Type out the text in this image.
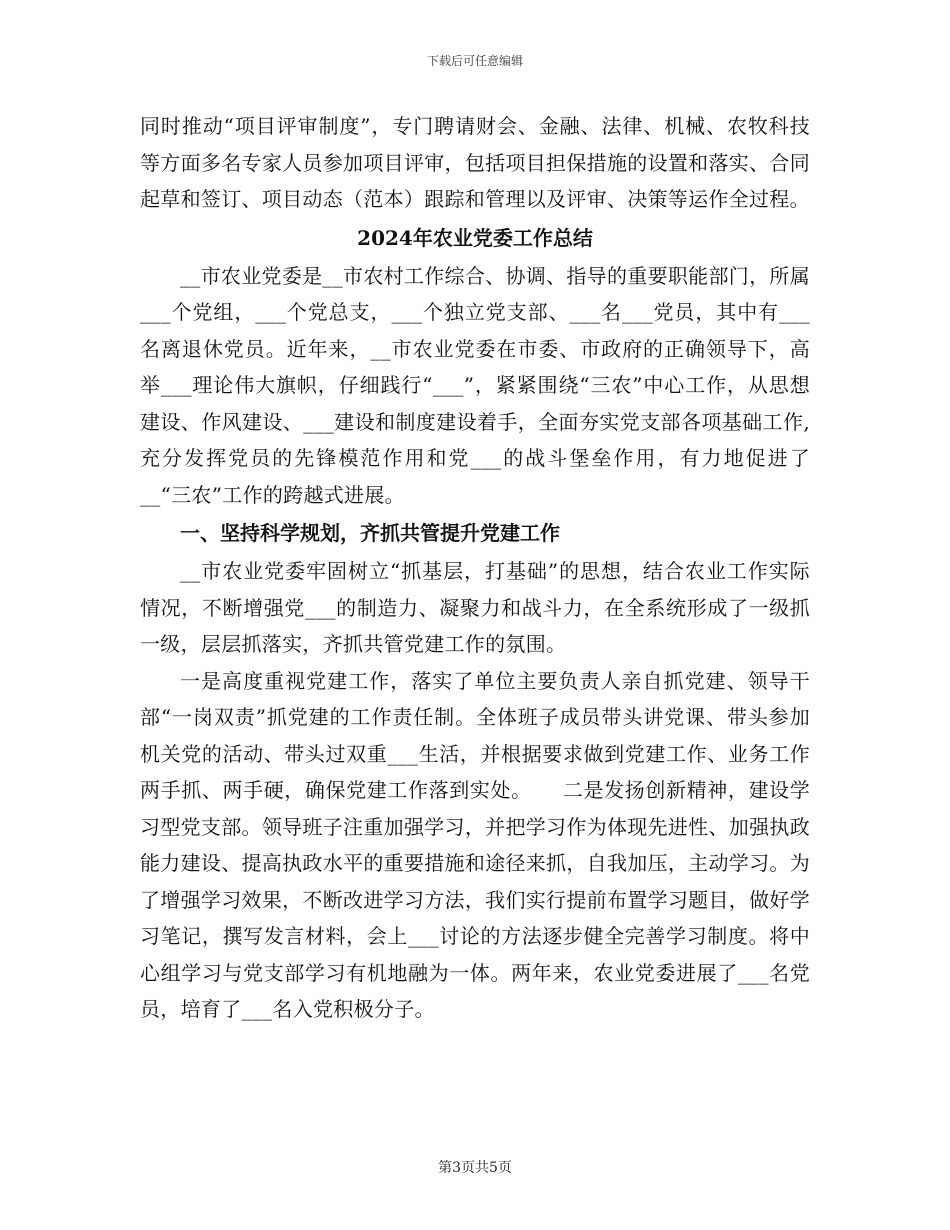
下载后可任意编辑

同时推动“项目评审制度”，专门聘请财会、金融、法律、机械、农牧科技等方面多名专家人员参加项目评审，包括项目担保措施的设置和落实、合同起草和签订、项目动态（范本）跟踪和管理以及评审、决策等运作全过程。

2024年农业党委工作总结

__市农业党委是__市农村工作综合、协调、指导的重要职能部门，所属___个党组，___个党总支，___个独立党支部、___名___党员，其中有___名离退休党员。近年来，__市农业党委在市委、市政府的正确领导下，高举___理论伟大旗帜，仔细践行“___”，紧紧围绕“三农”中心工作，从思想建设、作风建设、___建设和制度建设着手，全面夯实党支部各项基础工作,充分发挥党员的先锋模范作用和党___的战斗堡垒作用，有力地促进了__“三农”工作的跨越式进展。

一、坚持科学规划，齐抓共管提升党建工作

__市农业党委牢固树立“抓基层，打基础”的思想，结合农业工作实际情况，不断增强党___的制造力、凝聚力和战斗力，在全系统形成了一级抓一级，层层抓落实，齐抓共管党建工作的氛围。

一是高度重视党建工作，落实了单位主要负责人亲自抓党建、领导干部“一岗双责”抓党建的工作责任制。全体班子成员带头讲党课、带头参加机关党的活动、带头过双重___生活，并根据要求做到党建工作、业务工作两手抓、两手硬，确保党建工作落到实处。　　二是发扬创新精神，建设学习型党支部。领导班子注重加强学习，并把学习作为体现先进性、加强执政能力建设、提高执政水平的重要措施和途径来抓，自我加压，主动学习。为了增强学习效果，不断改进学习方法，我们实行提前布置学习题目，做好学习笔记，撰写发言材料，会上___讨论的方法逐步健全完善学习制度。将中心组学习与党支部学习有机地融为一体。两年来，农业党委进展了___名党员，培育了___名入党积极分子。

第3页共5页
